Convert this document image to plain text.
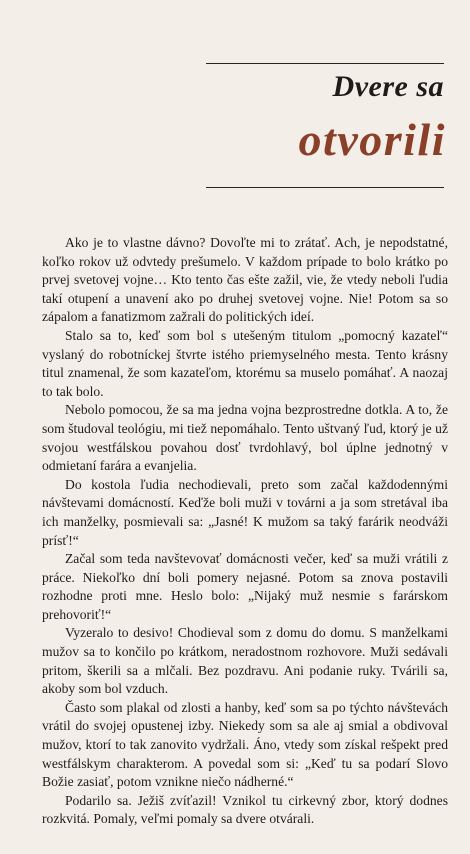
Dvere sa
otvorili

Ako je to vlastne dávno? Dovoľte mi to zrátať. Ach, je nepodstatné, koľko rokov už odvtedy prešumelo. V každom prípade to bolo krátko po prvej svetovej vojne… Kto tento čas ešte zažil, vie, že vtedy neboli ľudia takí otupení a unavení ako po druhej svetovej vojne. Nie! Potom sa so zápalom a fanatizmom zažrali do politických ideí.

Stalo sa to, keď som bol s utešeným titulom „pomocný kazateľ“ vyslaný do robotníckej štvrte istého priemyselného mesta. Tento krásny titul znamenal, že som kazateľom, ktorému sa muselo pomáhať. A naozaj to tak bolo.

Nebolo pomocou, že sa ma jedna vojna bezprostredne dotkla. A to, že som študoval teológiu, mi tiež nepomáhalo. Tento uštvaný ľud, ktorý je už svojou westfálskou povahou dosť tvrdohlavý, bol úplne jednotný v odmietaní farára a evanjelia.

Do kostola ľudia nechodievali, preto som začal každodennými návštevami domácností. Keďže boli muži v továrni a ja som stretával iba ich manželky, posmievali sa: „Jasné! K mužom sa taký farárik neodváži prísť!“

Začal som teda navštevovať domácnosti večer, keď sa muži vrátili z práce. Niekoľko dní boli pomery nejasné. Potom sa znova postavili rozhodne proti mne. Heslo bolo: „Nijaký muž nesmie s farárskom prehovoriť!“

Vyzeralo to desivo! Chodieval som z domu do domu. S manželkami mužov sa to končilo po krátkom, neradostnom rozhovore. Muži sedávali pritom, škerili sa a mlčali. Bez pozdravu. Ani podanie ruky. Tvárili sa, akoby som bol vzduch.

Často som plakal od zlosti a hanby, keď som sa po týchto návštevách vrátil do svojej opustenej izby. Niekedy som sa ale aj smial a obdivoval mužov, ktorí to tak zanovito vydržali. Áno, vtedy som získal rešpekt pred westfálskym charakterom. A povedal som si: „Keď tu sa podarí Slovo Božie zasiať, potom vznikne niečo nádherné.“

Podarilo sa. Ježiš zvíťazil! Vznikol tu cirkevný zbor, ktorý dodnes rozkvitá. Pomaly, veľmi pomaly sa dvere otvárali.
